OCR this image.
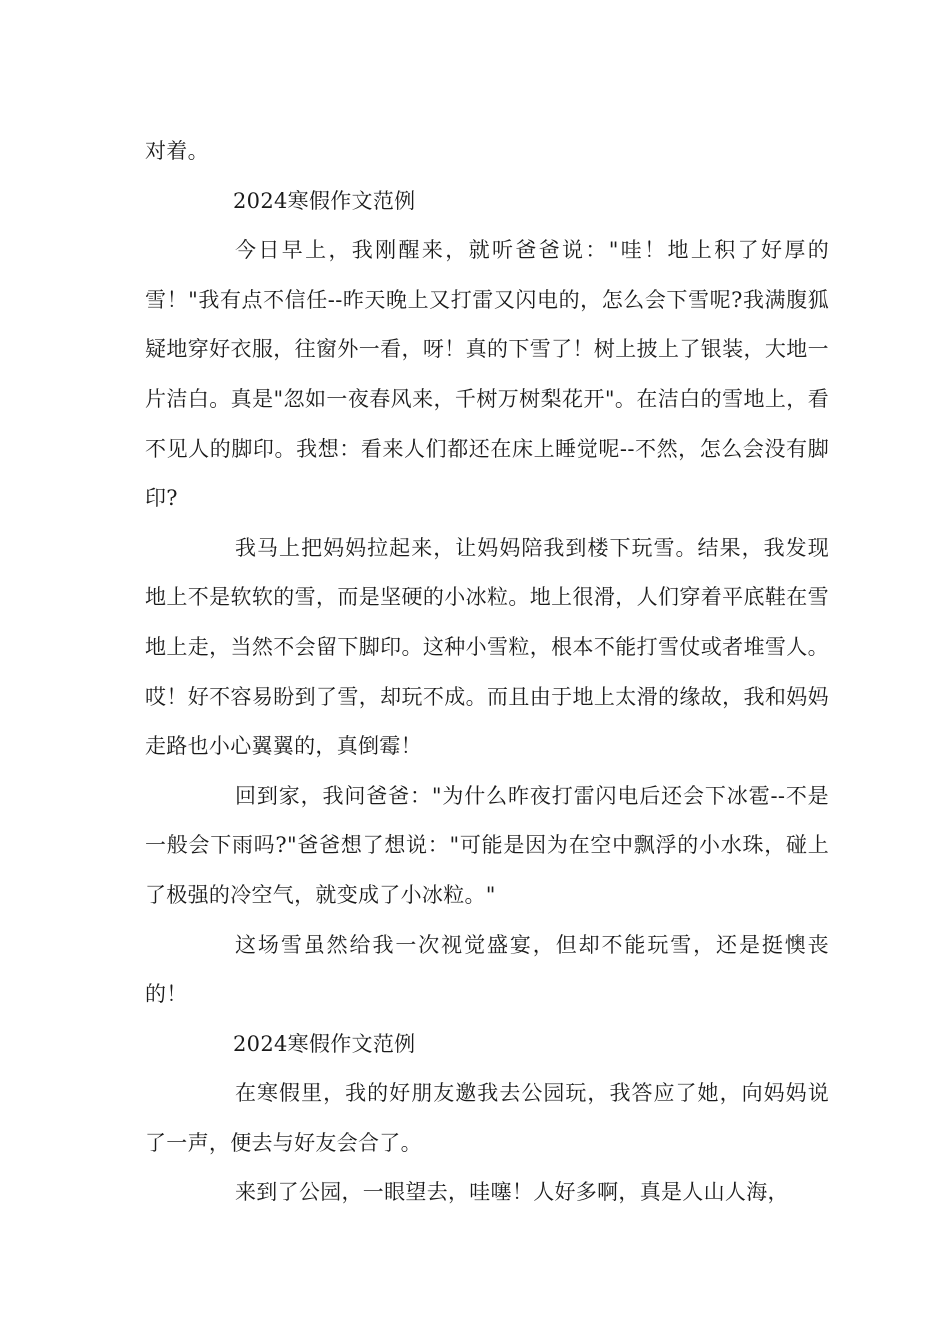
对着。

2024寒假作文范例

今日早上，我刚醒来，就听爸爸说："哇！地上积了好厚的雪！"我有点不信任--昨天晚上又打雷又闪电的，怎么会下雪呢?我满腹狐疑地穿好衣服，往窗外一看，呀！真的下雪了！树上披上了银装，大地一片洁白。真是"忽如一夜春风来，千树万树梨花开"。在洁白的雪地上，看不见人的脚印。我想：看来人们都还在床上睡觉呢--不然，怎么会没有脚印?

我马上把妈妈拉起来，让妈妈陪我到楼下玩雪。结果，我发现地上不是软软的雪，而是坚硬的小冰粒。地上很滑，人们穿着平底鞋在雪地上走，当然不会留下脚印。这种小雪粒，根本不能打雪仗或者堆雪人。哎！好不容易盼到了雪，却玩不成。而且由于地上太滑的缘故，我和妈妈走路也小心翼翼的，真倒霉！

回到家，我问爸爸："为什么昨夜打雷闪电后还会下冰雹--不是一般会下雨吗?"爸爸想了想说："可能是因为在空中飘浮的小水珠，碰上了极强的冷空气，就变成了小冰粒。"

这场雪虽然给我一次视觉盛宴，但却不能玩雪，还是挺懊丧的！

2024寒假作文范例

在寒假里，我的好朋友邀我去公园玩，我答应了她，向妈妈说了一声，便去与好友会合了。

来到了公园，一眼望去，哇噻！人好多啊，真是人山人海，
